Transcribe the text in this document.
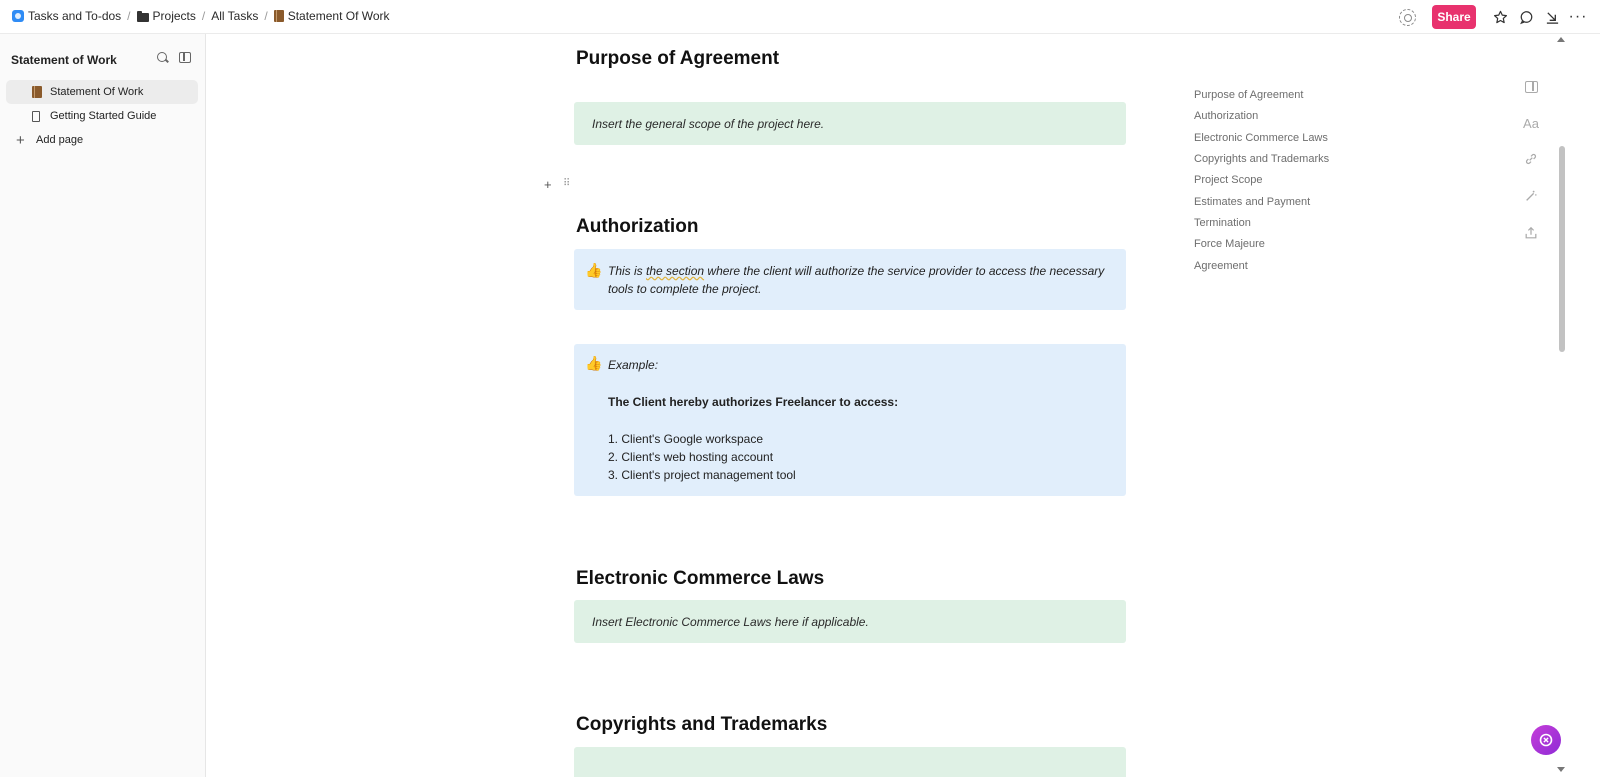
Tasks and To-dos / Projects / All Tasks / Statement Of Work	Share	···
Statement of Work
Statement Of Work
Getting Started Guide
+ Add page
Purpose of Agreement
Insert the general scope of the project here.
+ ⠿
Authorization
👍 This is the section where the client will authorize the service provider to access the necessary
tools to complete the project.
👍 Example:
The Client hereby authorizes Freelancer to access:
1. Client's Google workspace
2. Client's web hosting account
3. Client's project management tool
Electronic Commerce Laws
Insert Electronic Commerce Laws here if applicable.
Copyrights and Trademarks
Purpose of Agreement
Authorization
Electronic Commerce Laws
Copyrights and Trademarks
Project Scope
Estimates and Payment
Termination
Force Majeure
Agreement
Aa
